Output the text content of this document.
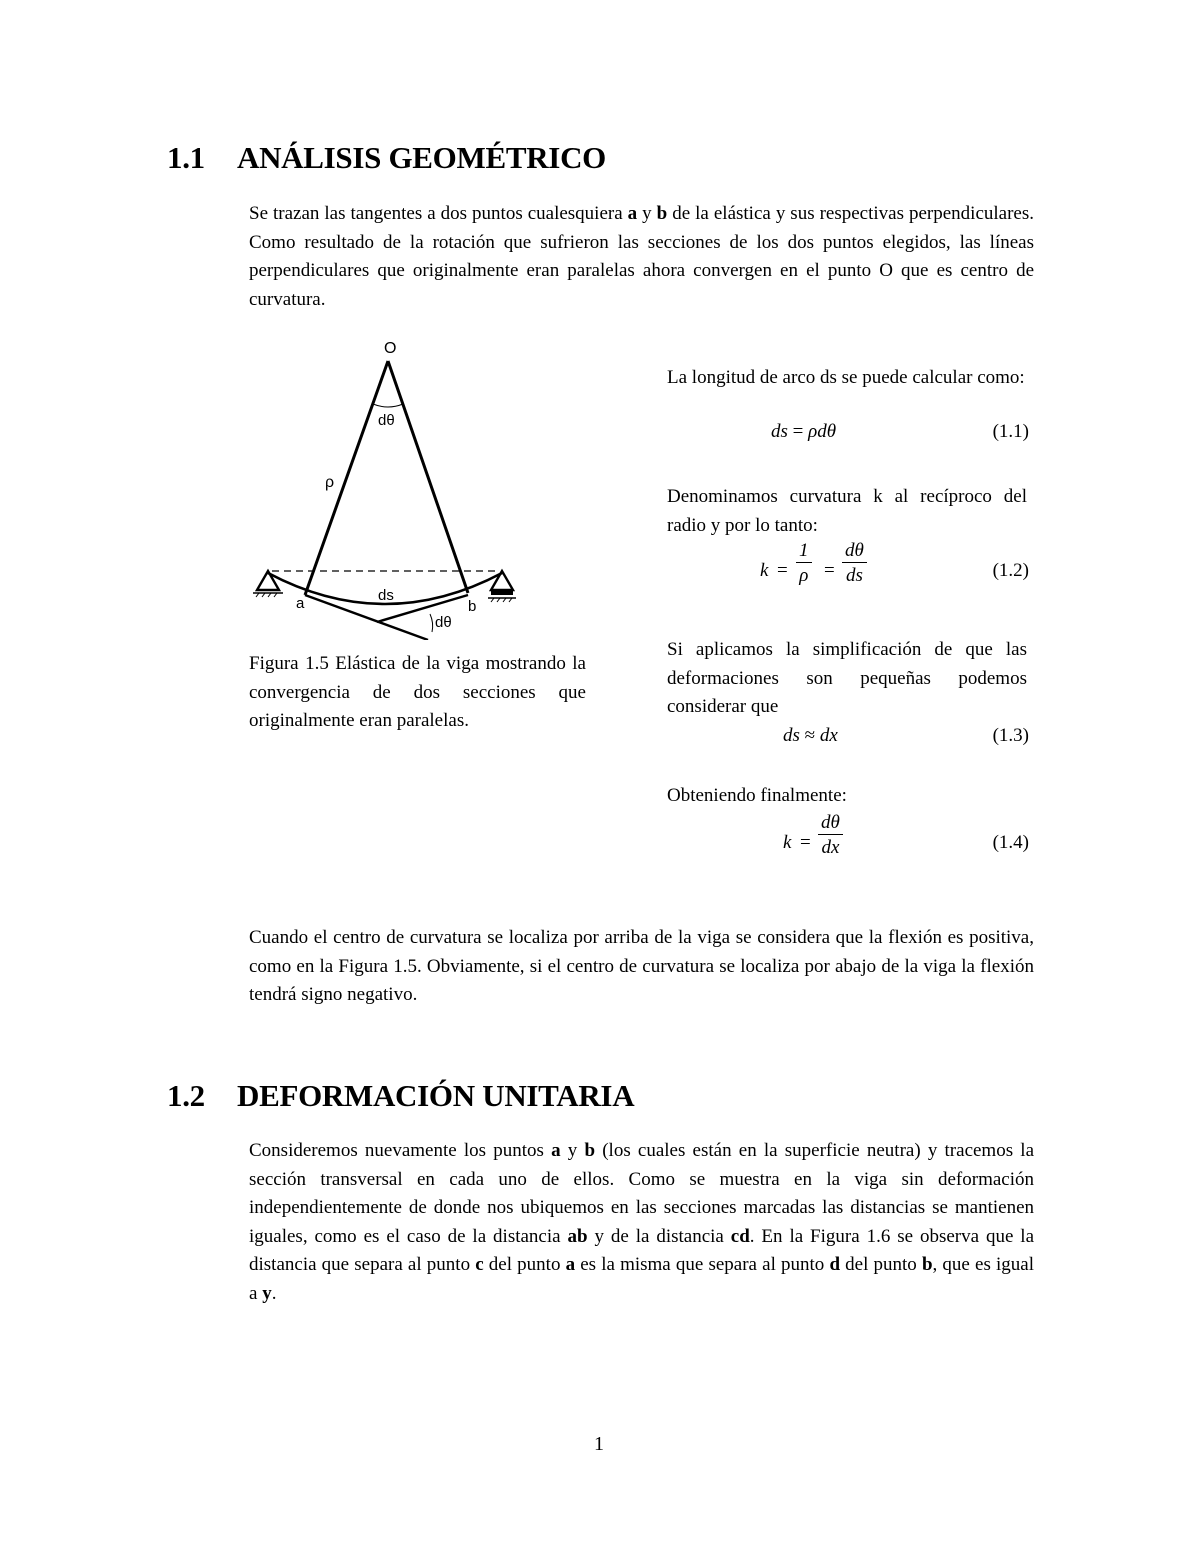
1.1 ANÁLISIS GEOMÉTRICO

Se trazan las tangentes a dos puntos cualesquiera a y b de la elástica y sus respectivas perpendiculares. Como resultado de la rotación que sufrieron las secciones de los dos puntos elegidos, las líneas perpendiculares que originalmente eran paralelas ahora convergen en el punto O que es centro de curvatura.

O
dθ
ρ
a	ds
b
dθ

Figura 1.5 Elástica de la viga mostrando la convergencia de dos secciones que originalmente eran paralelas.

La longitud de arco ds se puede calcular como:

ds = ρdθ	(1.1)

Denominamos curvatura k al recíproco del radio y por lo tanto:

$k = \frac{1}{\rho} = \frac{d\theta}{ds}$	(1.2)

Si aplicamos la simplificación de que las deformaciones son pequeñas podemos considerar que

ds ≈ dx	(1.3)

Obteniendo finalmente:

$k = \frac{d\theta}{dx}$	(1.4)

Cuando el centro de curvatura se localiza por arriba de la viga se considera que la flexión es positiva, como en la Figura 1.5. Obviamente, si el centro de curvatura se localiza por abajo de la viga la flexión tendrá signo negativo.

1.2 DEFORMACIÓN UNITARIA

Consideremos nuevamente los puntos a y b (los cuales están en la superficie neutra) y tracemos la sección transversal en cada uno de ellos. Como se muestra en la viga sin deformación independientemente de donde nos ubiquemos en las secciones marcadas las distancias se mantienen iguales, como es el caso de la distancia ab y de la distancia cd. En la Figura 1.6 se observa que la distancia que separa al punto c del punto a es la misma que separa al punto d del punto b, que es igual a y.

1
